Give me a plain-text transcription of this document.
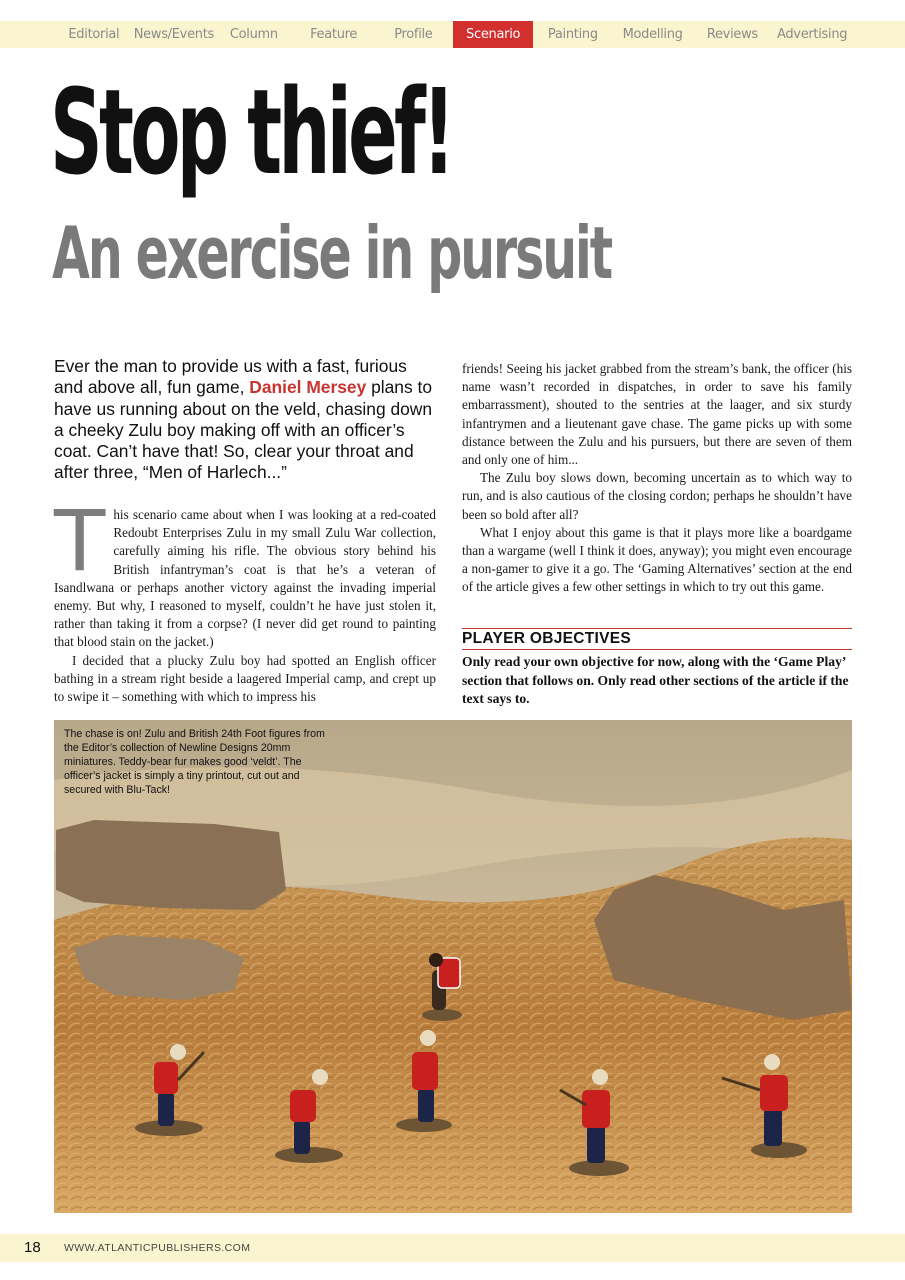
Editorial	News/Events	Column	Feature	Profile	Scenario	Painting	Modelling	Reviews	Advertising
Stop thief!
An exercise in pursuit

Ever the man to provide us with a fast, furious and above all, fun game, Daniel Mersey plans to have us running about on the veld, chasing down a cheeky Zulu boy making off with an officer’s coat. Can’t have that! So, clear your throat and after three, “Men of Harlech...”

This scenario came about when I was looking at a red-coated Redoubt Enterprises Zulu in my small Zulu War collection, carefully aiming his rifle. The obvious story behind his British infantryman’s coat is that he’s a veteran of Isandlwana or perhaps another victory against the invading imperial enemy. But why, I reasoned to myself, couldn’t he have just stolen it, rather than taking it from a corpse? (I never did get round to painting that blood stain on the jacket.)

I decided that a plucky Zulu boy had spotted an English officer bathing in a stream right beside a laagered Imperial camp, and crept up to swipe it – something with which to impress his

friends! Seeing his jacket grabbed from the stream’s bank, the officer (his name wasn’t recorded in dispatches, in order to save his family embarrassment), shouted to the sentries at the laager, and six sturdy infantrymen and a lieutenant gave chase. The game picks up with some distance between the Zulu and his pursuers, but there are seven of them and only one of him...

The Zulu boy slows down, becoming uncertain as to which way to run, and is also cautious of the closing cordon; perhaps he shouldn’t have been so bold after all?

What I enjoy about this game is that it plays more like a boardgame than a wargame (well I think it does, anyway); you might even encourage a non-gamer to give it a go. The ‘Gaming Alternatives’ section at the end of the article gives a few other settings in which to try out this game.

PLAYER OBJECTIVES

Only read your own objective for now, along with the ‘Game Play’ section that follows on. Only read other sections of the article if the text says to.

The chase is on! Zulu and British 24th Foot figures from the Editor’s collection of Newline Designs 20mm miniatures. Teddy-bear fur makes good ‘veldt’. The officer’s jacket is simply a tiny printout, cut out and secured with Blu-Tack!
18 WWW.ATLANTICPUBLISHERS.COM
